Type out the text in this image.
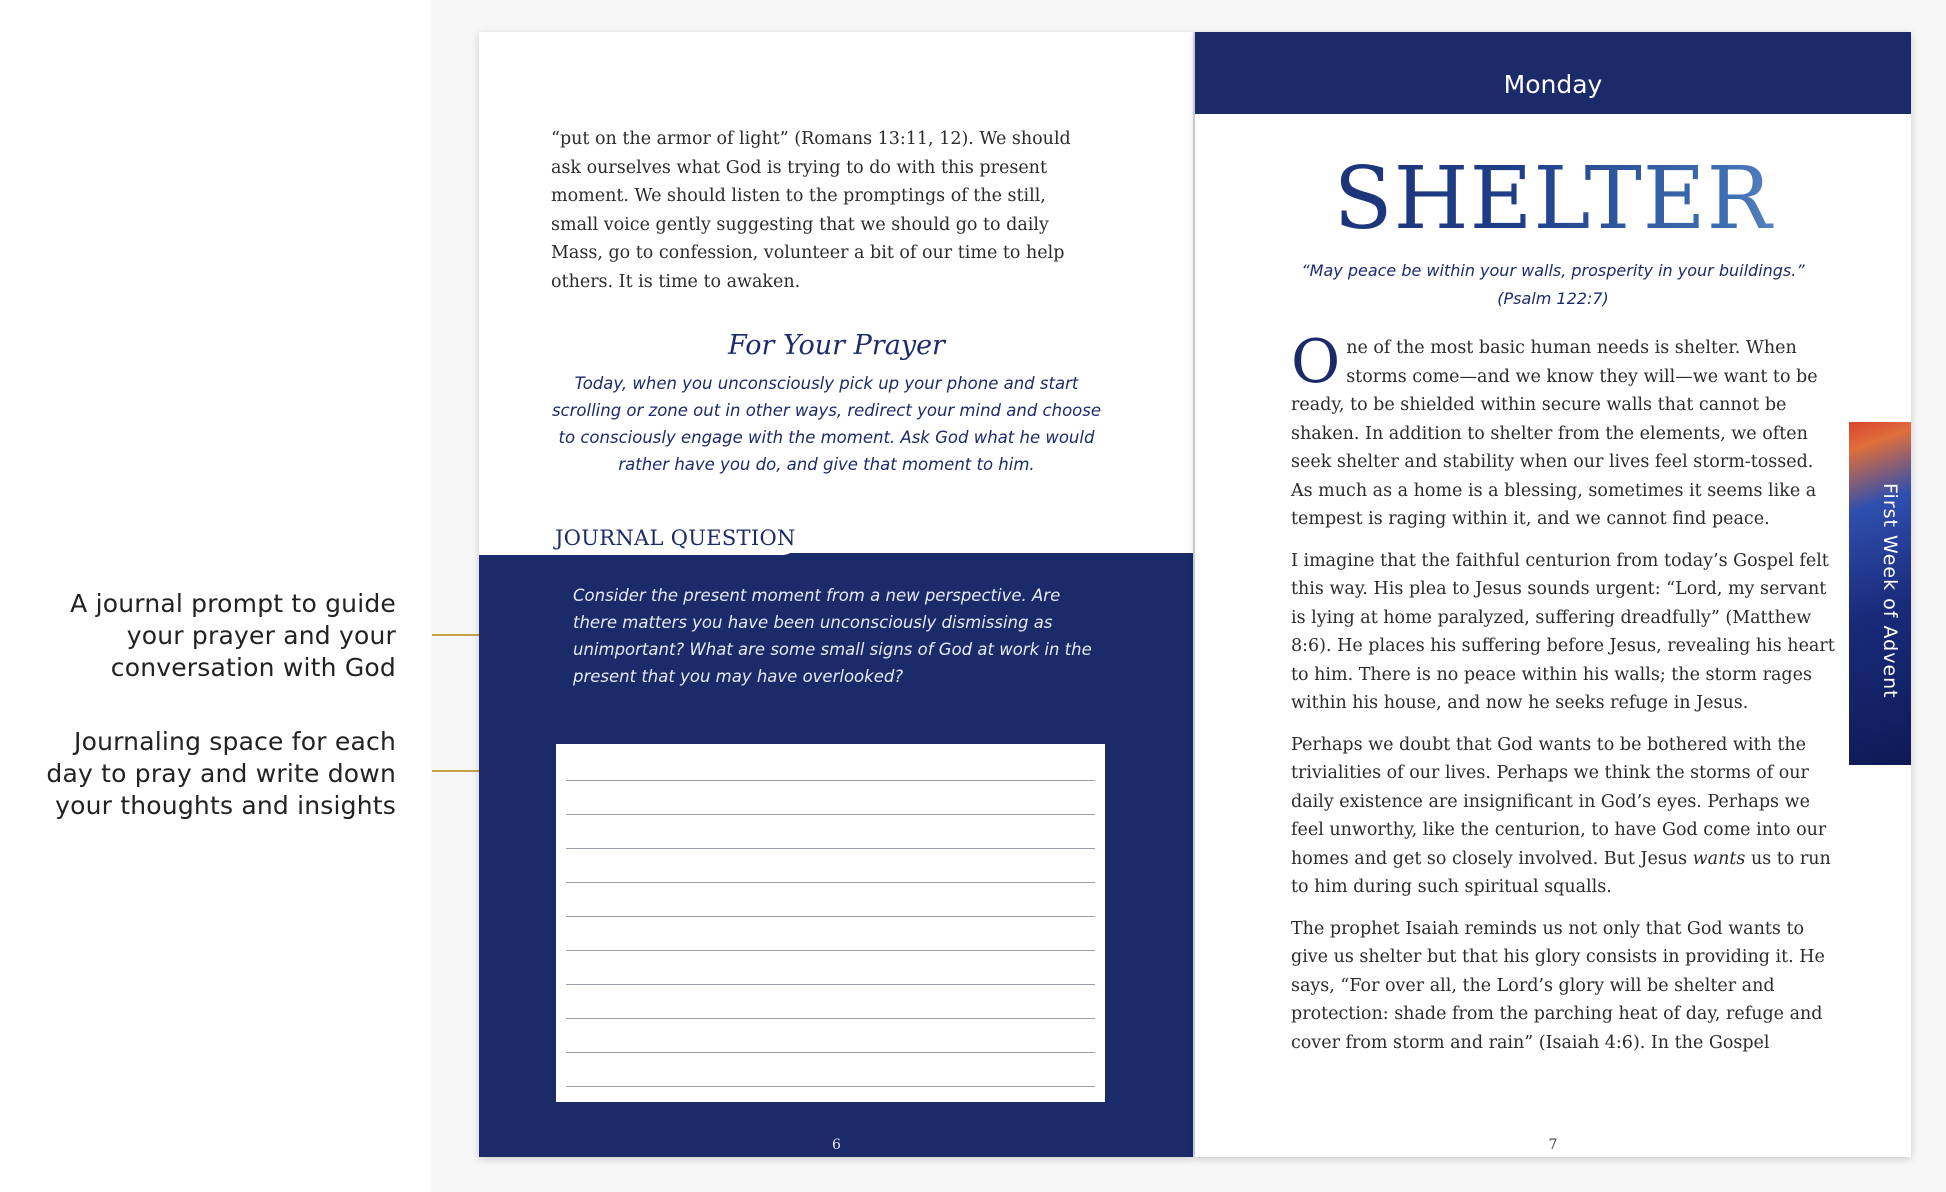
A journal prompt to guide
your prayer and your
conversation with God
Journaling space for each
day to pray and write down
your thoughts and insights

“put on the armor of light” (Romans 13:11, 12). We should ask ourselves what God is trying to do with this present moment. We should listen to the promptings of the still, small voice gently suggesting that we should go to daily Mass, go to confession, volunteer a bit of our time to help others. It is time to awaken.

For Your Prayer
Today, when you unconsciously pick up your phone and start scrolling or zone out in other ways, redirect your mind and choose to consciously engage with the moment. Ask God what he would rather have you do, and give that moment to him.
JOURNAL QUESTION
Consider the present moment from a new perspective. Are there matters you have been unconsciously dismissing as unimportant? What are some small signs of God at work in the present that you may have overlooked?
6
Monday
SHELTER
“May peace be within your walls, prosperity in your buildings.”
(Psalm 122:7)

One of the most basic human needs is shelter. When storms come—and we know they will—we want to be ready, to be shielded within secure walls that cannot be shaken. In addition to shelter from the elements, we often seek shelter and stability when our lives feel storm-tossed. As much as a home is a blessing, sometimes it seems like a tempest is raging within it, and we cannot find peace.

I imagine that the faithful centurion from today’s Gospel felt this way. His plea to Jesus sounds urgent: “Lord, my servant is lying at home paralyzed, suffering dreadfully” (Matthew 8:6). He places his suffering before Jesus, revealing his heart to him. There is no peace within his walls; the storm rages within his house, and now he seeks refuge in Jesus.

Perhaps we doubt that God wants to be bothered with the trivialities of our lives. Perhaps we think the storms of our daily existence are insignificant in God’s eyes. Perhaps we feel unworthy, like the centurion, to have God come into our homes and get so closely involved. But Jesus wants us to run to him during such spiritual squalls.

The prophet Isaiah reminds us not only that God wants to give us shelter but that his glory consists in providing it. He says, “For over all, the Lord’s glory will be shelter and protection: shade from the parching heat of day, refuge and cover from storm and rain” (Isaiah 4:6). In the Gospel

7
First Week of Advent
